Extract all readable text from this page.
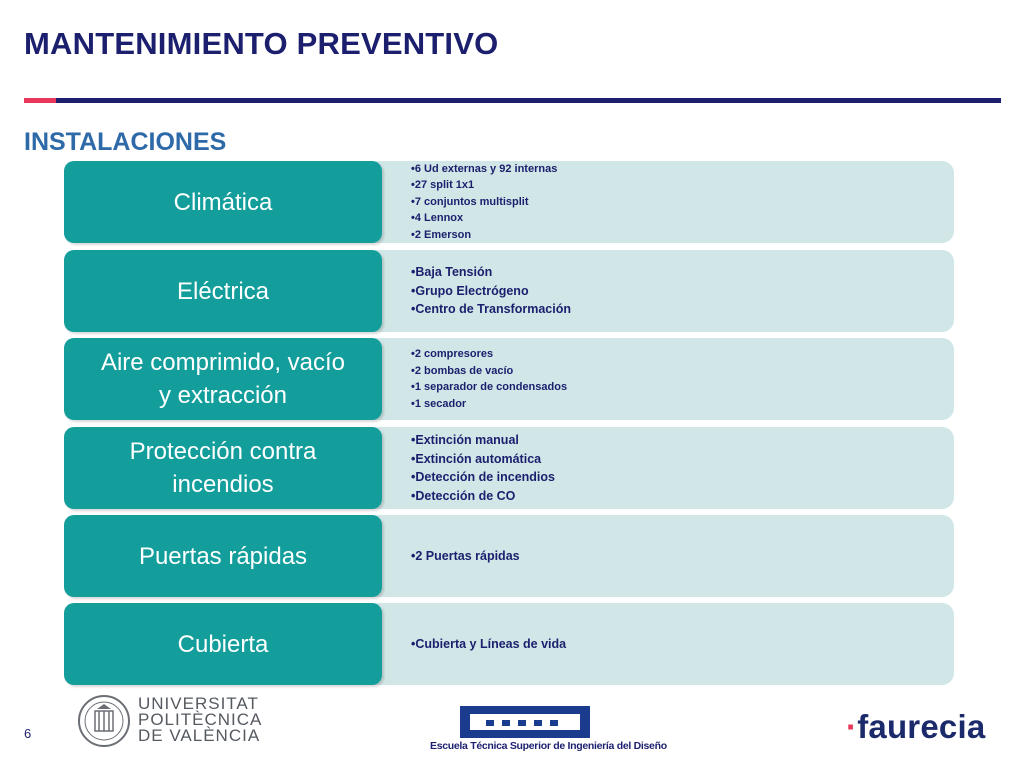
MANTENIMIENTO PREVENTIVO
INSTALACIONES
Climática
•6 Ud externas y 92 internas
•27 split 1x1
•7 conjuntos multisplit
•4 Lennox
•2 Emerson
Eléctrica
•Baja Tensión
•Grupo Electrógeno
•Centro de Transformación
Aire comprimido, vacío
y extracción
•2 compresores
•2 bombas de vacío
•1 separador de condensados
•1 secador
Protección contra
incendios
•Extinción manual
•Extinción automática
•Detección de incendios
•Detección de CO
Puertas rápidas	•2 Puertas rápidas
Cubierta	•Cubierta y Líneas de vida
6
UNIVERSITAT
POLITÈCNICA
DE VALÈNCIA
Escuela Técnica Superior de Ingeniería del Diseño
·faurecia
